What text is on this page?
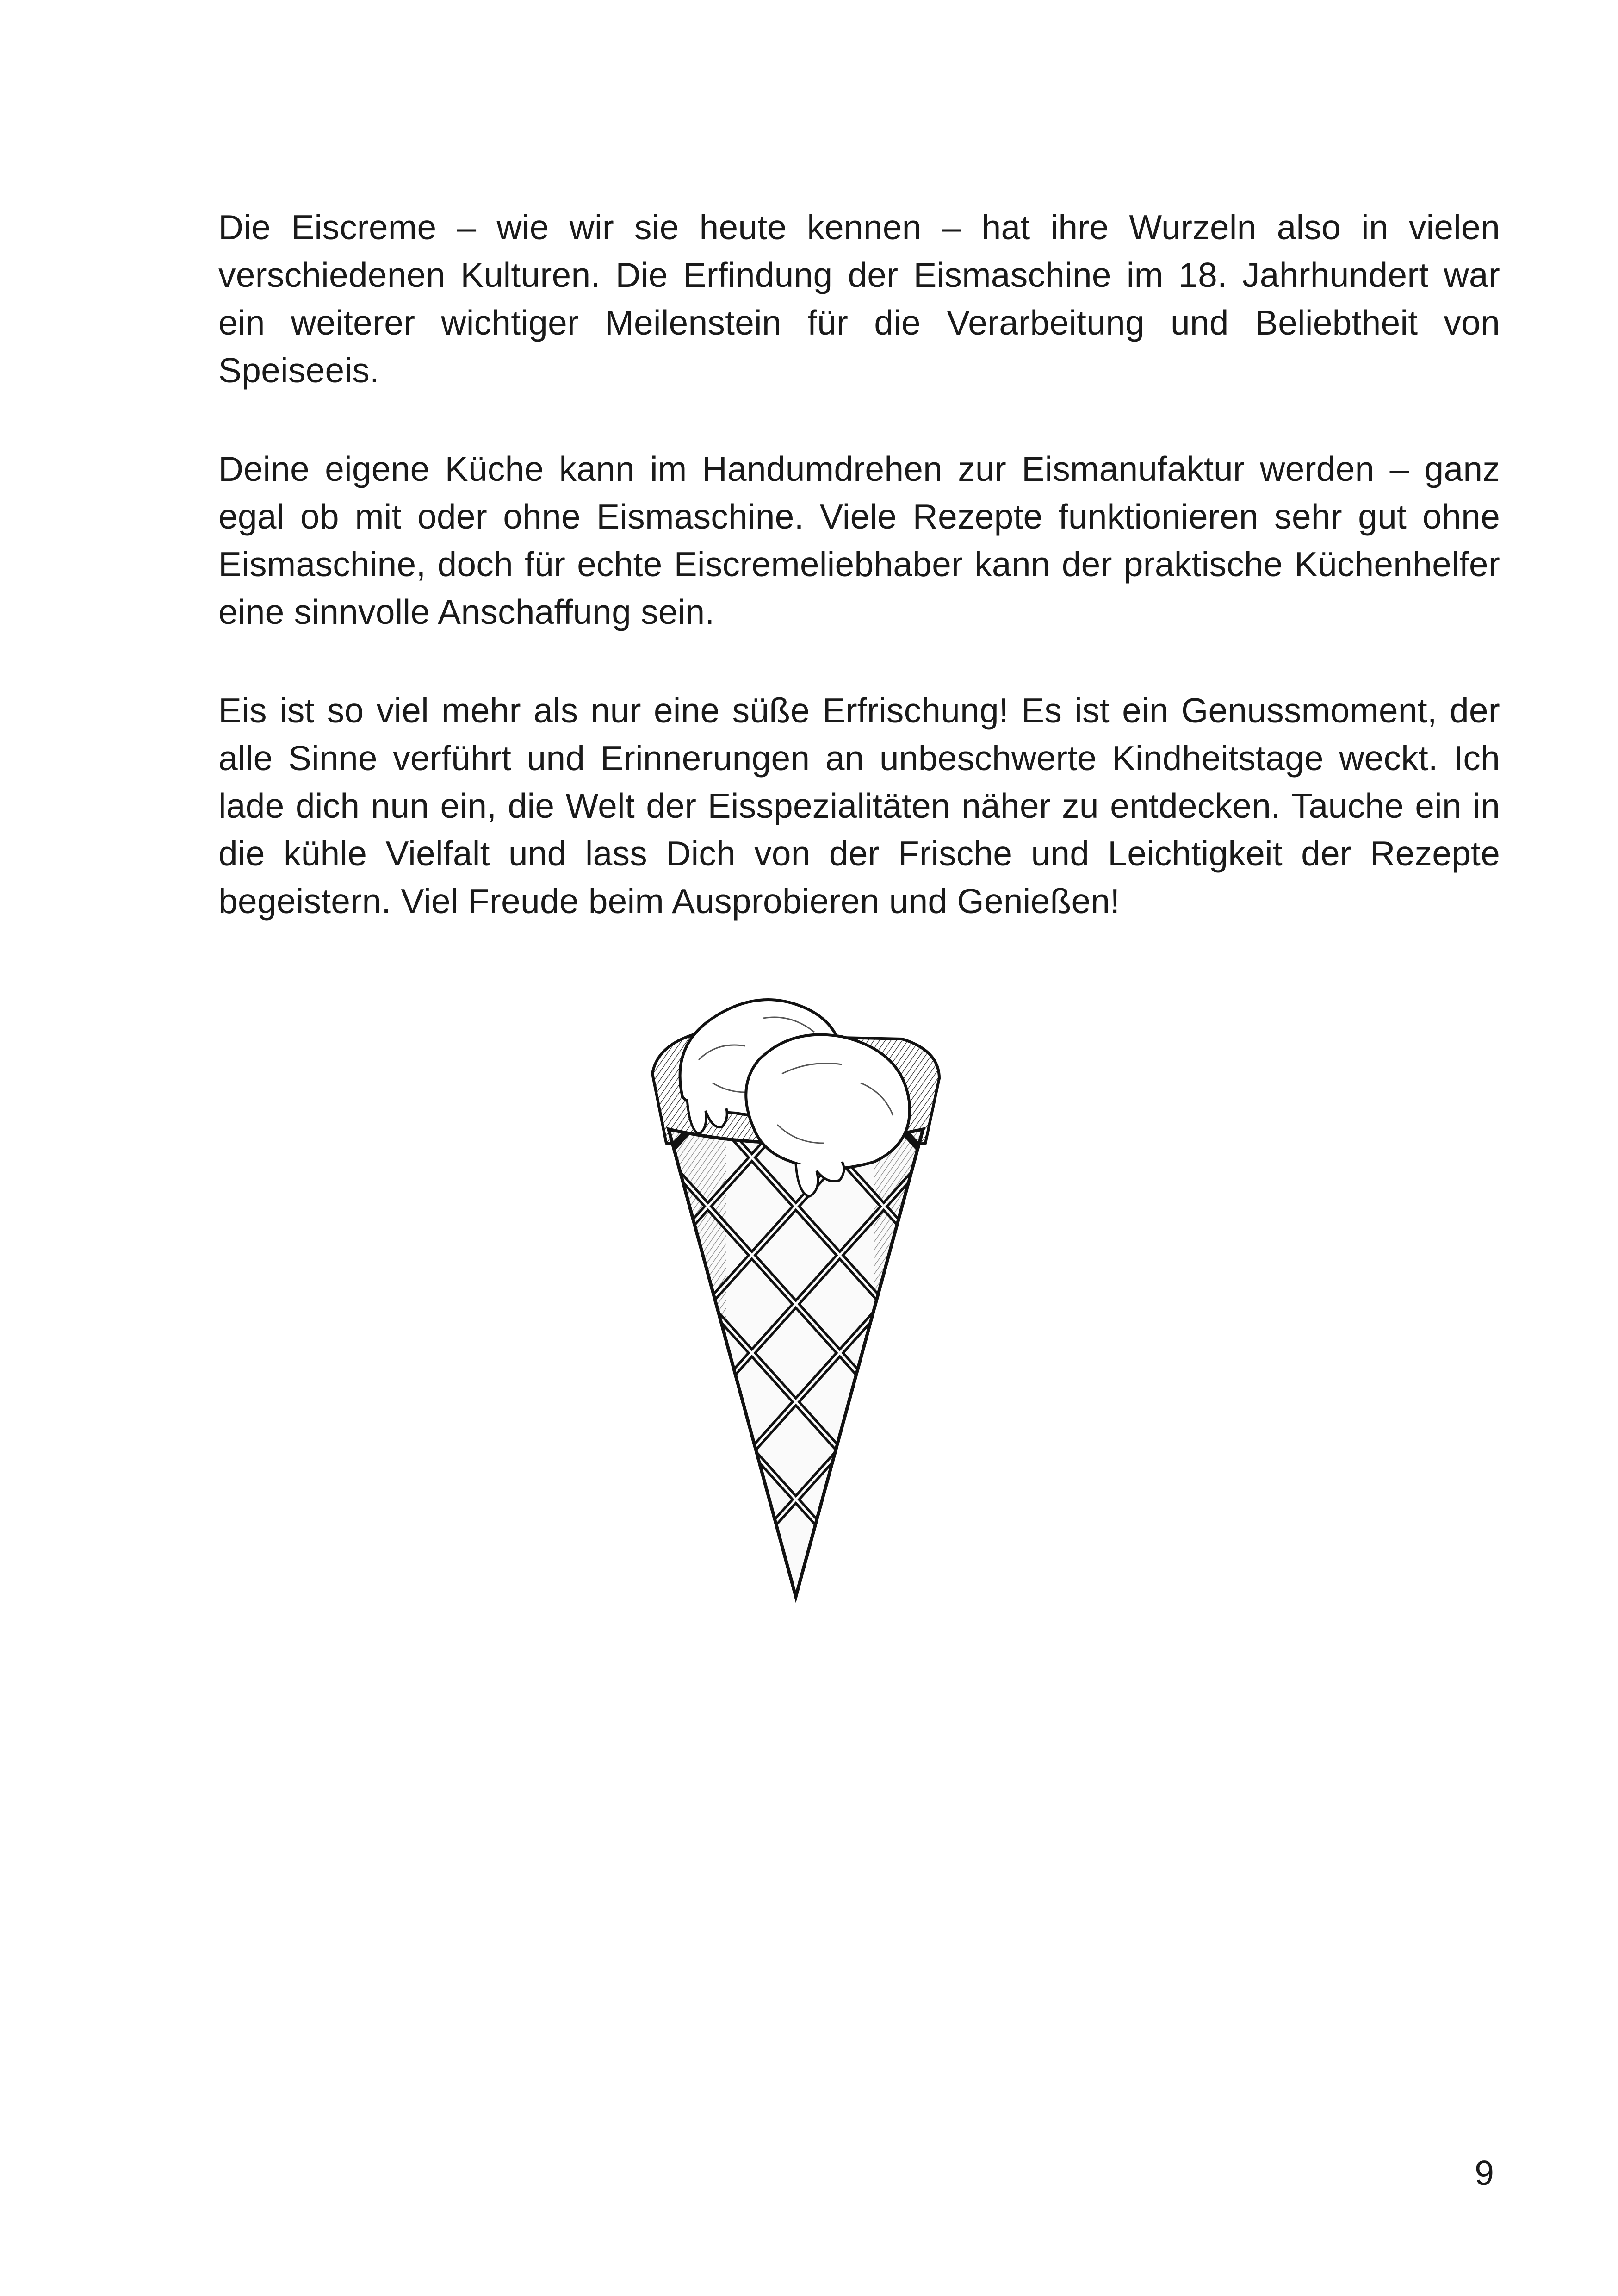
Die Eiscreme – wie wir sie heute kennen – hat ihre Wurzeln also in vielen verschiedenen Kulturen. Die Erfindung der Eismaschine im 18. Jahrhundert war ein weiterer wichtiger Meilenstein für die Verarbeitung und Beliebtheit von Speiseeis.

Deine eigene Küche kann im Handumdrehen zur Eismanufaktur werden – ganz egal ob mit oder ohne Eismaschine. Viele Rezepte funktionieren sehr gut ohne Eismaschine, doch für echte Eiscremeliebhaber kann der praktische Küchenhelfer eine sinnvolle Anschaffung sein.

Eis ist so viel mehr als nur eine süße Erfrischung! Es ist ein Genussmoment, der alle Sinne verführt und Erinnerungen an unbeschwerte Kindheitstage weckt. Ich lade dich nun ein, die Welt der Eisspezialitäten näher zu entdecken. Tauche ein in die kühle Vielfalt und lass Dich von der Frische und Leichtigkeit der Rezepte begeistern. Viel Freude beim Ausprobieren und Genießen!

9
